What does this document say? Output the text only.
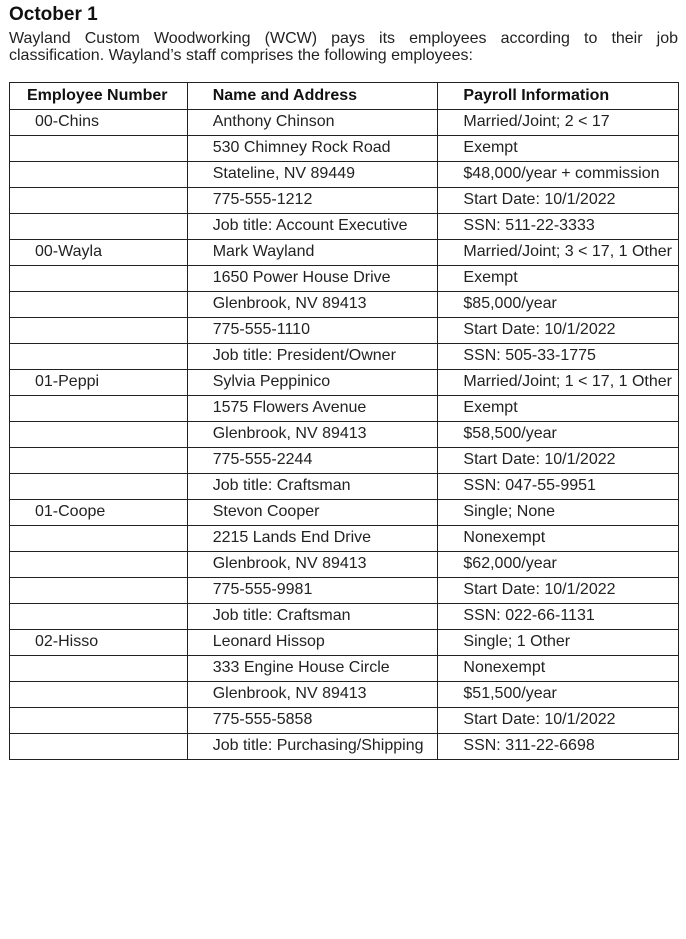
October 1
Wayland Custom Woodworking (WCW) pays its employees according to their job classification. Wayland’s staff comprises the following employees:
Employee Number	Name and Address	Payroll Information
00-Chins	Anthony Chinson	Married/Joint; 2 < 17
	530 Chimney Rock Road	Exempt
	Stateline, NV 89449	$48,000/year + commission
	775-555-1212	Start Date: 10/1/2022
	Job title: Account Executive	SSN: 511-22-3333
00-Wayla	Mark Wayland	Married/Joint; 3 < 17, 1 Other
	1650 Power House Drive	Exempt
	Glenbrook, NV 89413	$85,000/year
	775-555-1110	Start Date: 10/1/2022
	Job title: President/Owner	SSN: 505-33-1775
01-Peppi	Sylvia Peppinico	Married/Joint; 1 < 17, 1 Other
	1575 Flowers Avenue	Exempt
	Glenbrook, NV 89413	$58,500/year
	775-555-2244	Start Date: 10/1/2022
	Job title: Craftsman	SSN: 047-55-9951
01-Coope	Stevon Cooper	Single; None
	2215 Lands End Drive	Nonexempt
	Glenbrook, NV 89413	$62,000/year
	775-555-9981	Start Date: 10/1/2022
	Job title: Craftsman	SSN: 022-66-1131
02-Hisso	Leonard Hissop	Single; 1 Other
	333 Engine House Circle	Nonexempt
	Glenbrook, NV 89413	$51,500/year
	775-555-5858	Start Date: 10/1/2022
	Job title: Purchasing/Shipping	SSN: 311-22-6698
